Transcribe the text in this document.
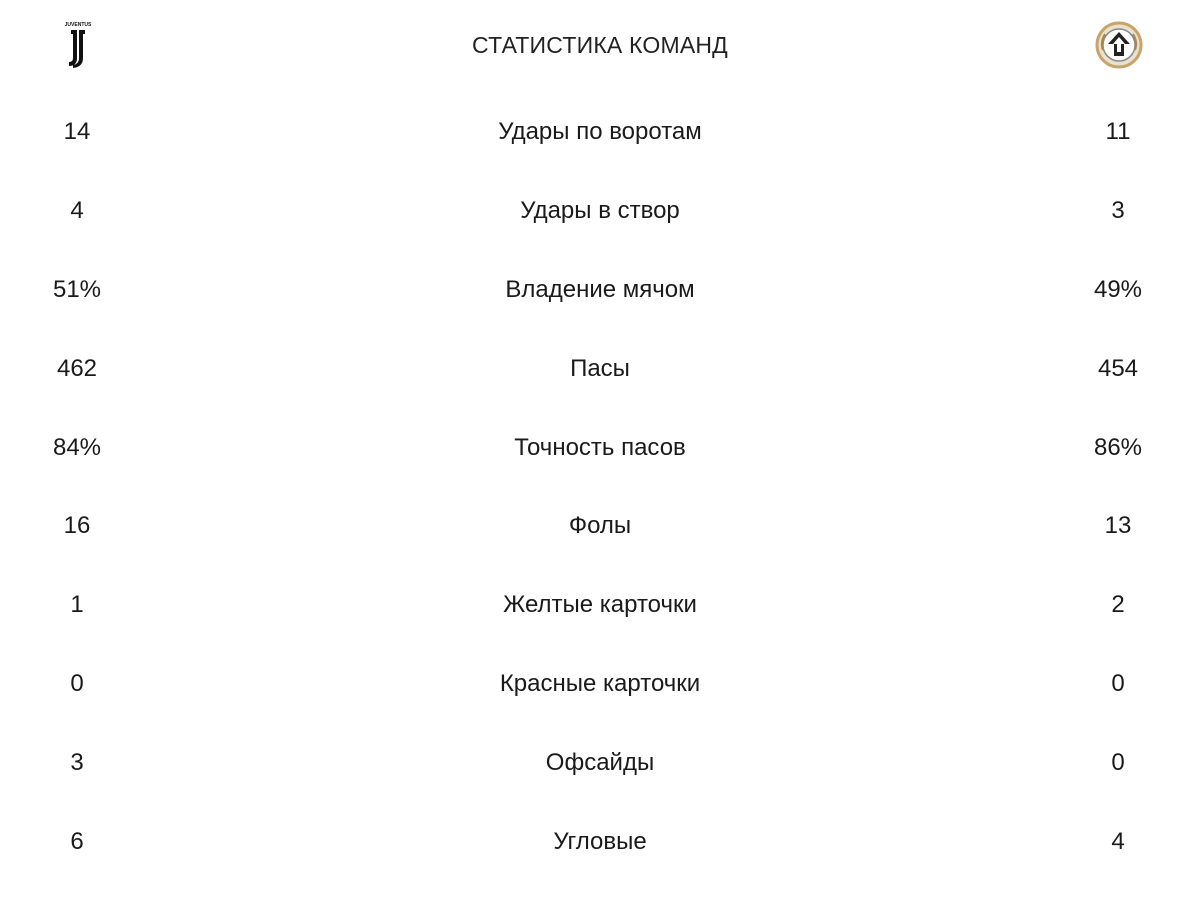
JUVENTUS
СТАТИСТИКА КОМАНД
14	Удары по воротам	11
4	Удары в створ	3
51%	Владение мячом	49%
462	Пасы	454
84%	Точность пасов	86%
16	Фолы	13
1	Желтые карточки	2
0	Красные карточки	0
3	Офсайды	0
6	Угловые	4
